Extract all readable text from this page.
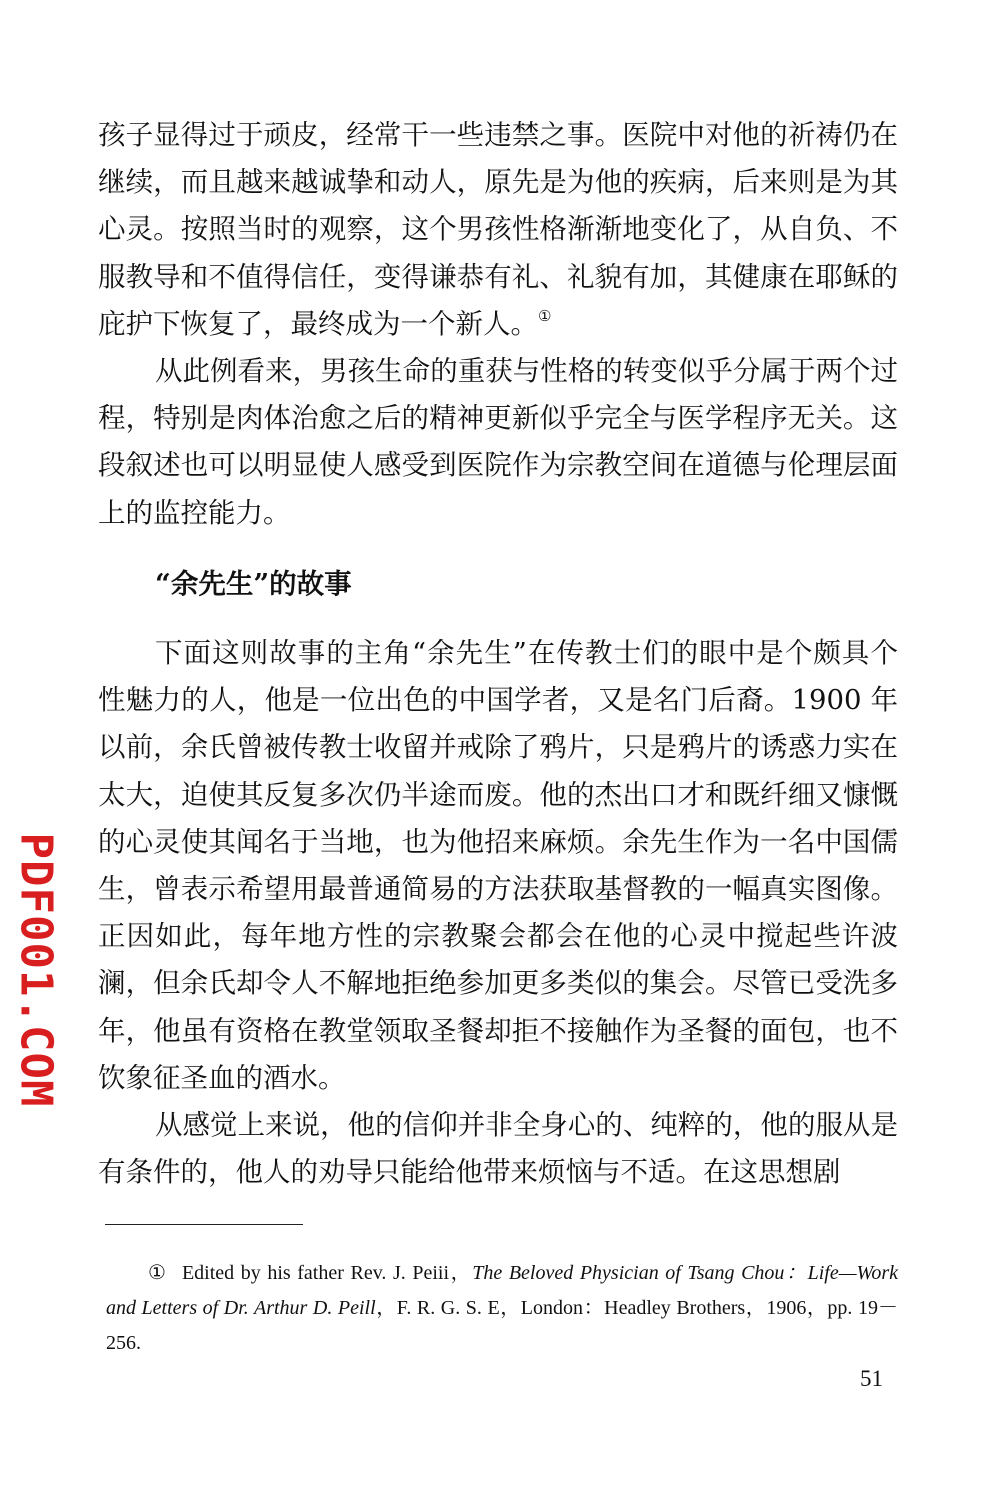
孩子显得过于顽皮，经常干一些违禁之事。医院中对他的祈祷仍在继续，而且越来越诚挚和动人，原先是为他的疾病，后来则是为其心灵。按照当时的观察，这个男孩性格渐渐地变化了，从自负、不服教导和不值得信任，变得谦恭有礼、礼貌有加，其健康在耶稣的庇护下恢复了，最终成为一个新人。①

从此例看来，男孩生命的重获与性格的转变似乎分属于两个过程，特别是肉体治愈之后的精神更新似乎完全与医学程序无关。这段叙述也可以明显使人感受到医院作为宗教空间在道德与伦理层面上的监控能力。

“余先生”的故事

下面这则故事的主角“余先生”在传教士们的眼中是个颇具个性魅力的人，他是一位出色的中国学者，又是名门后裔。1900 年以前，余氏曾被传教士收留并戒除了鸦片，只是鸦片的诱惑力实在太大，迫使其反复多次仍半途而废。他的杰出口才和既纤细又慷慨的心灵使其闻名于当地，也为他招来麻烦。余先生作为一名中国儒生，曾表示希望用最普通简易的方法获取基督教的一幅真实图像。正因如此，每年地方性的宗教聚会都会在他的心灵中搅起些许波澜，但余氏却令人不解地拒绝参加更多类似的集会。尽管已受洗多年，他虽有资格在教堂领取圣餐却拒不接触作为圣餐的面包，也不饮象征圣血的酒水。

从感觉上来说，他的信仰并非全身心的、纯粹的，他的服从是有条件的，他人的劝导只能给他带来烦恼与不适。在这思想剧

① Edited by his father Rev. J. Peiii，The Beloved Physician of Tsang Chou：Life—Work and Letters of Dr. Arthur D. Peill，F. R. G. S. E，London：Headley Brothers，1906，pp. 19－256.

51
PDF001.COM
